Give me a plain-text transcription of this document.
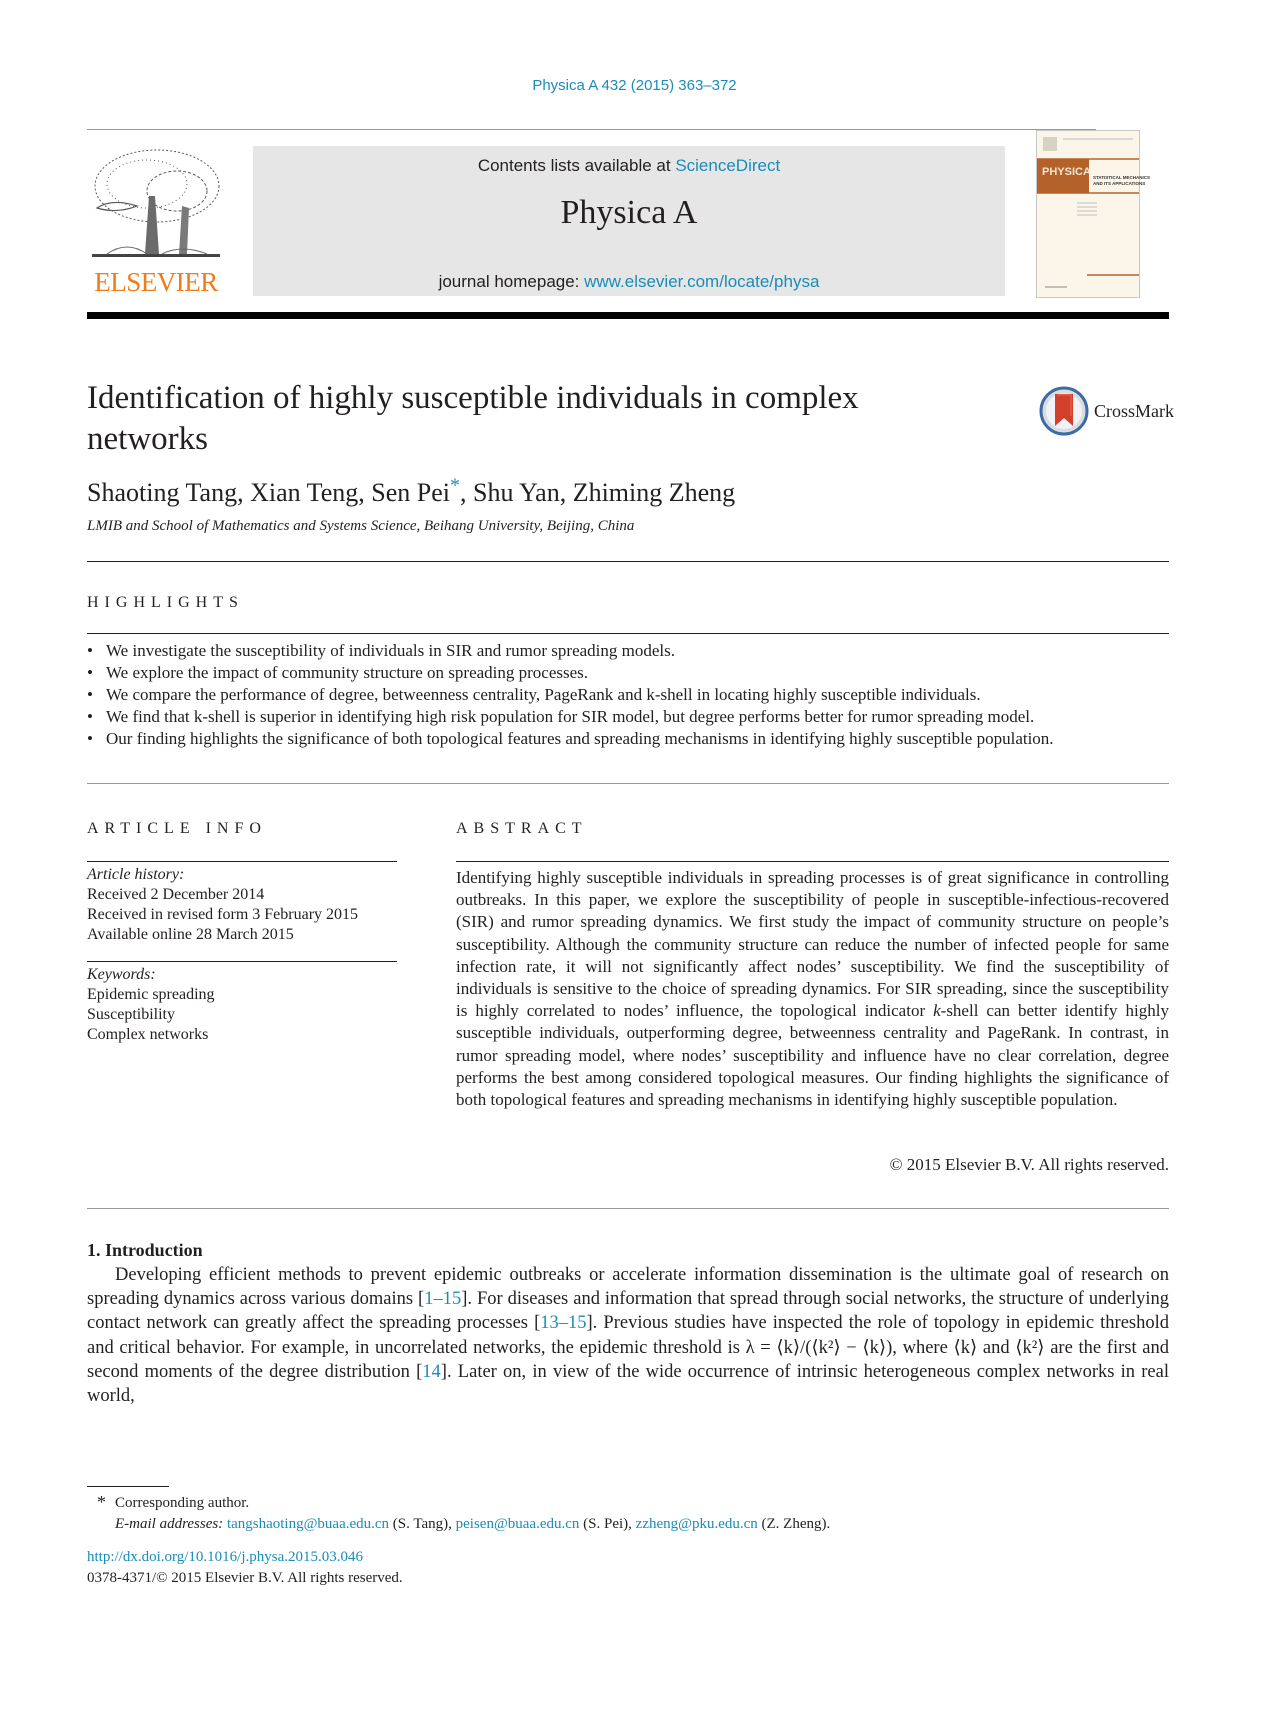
Physica A 432 (2015) 363–372
ELSEVIER
Contents lists available at ScienceDirect
Physica A
journal homepage: www.elsevier.com/locate/physa
PHYSICA STATISTICAL MECHANICS
AND ITS APPLICATIONS
Identification of highly susceptible individuals in complex networks
CrossMark
Shaoting Tang, Xian Teng, Sen Pei*, Shu Yan, Zhiming Zheng
LMIB and School of Mathematics and Systems Science, Beihang University, Beijing, China
HIGHLIGHTS
• We investigate the susceptibility of individuals in SIR and rumor spreading models.
• We explore the impact of community structure on spreading processes.
• We compare the performance of degree, betweenness centrality, PageRank and k-shell in locating highly susceptible individuals.
• We find that k-shell is superior in identifying high risk population for SIR model, but degree performs better for rumor spreading model.
• Our finding highlights the significance of both topological features and spreading mechanisms in identifying highly susceptible population.
ARTICLE INFO
Article history:
Received 2 December 2014
Received in revised form 3 February 2015
Available online 28 March 2015
Keywords:
Epidemic spreading
Susceptibility
Complex networks
ABSTRACT
Identifying highly susceptible individuals in spreading processes is of great significance in controlling outbreaks. In this paper, we explore the susceptibility of people in susceptible-infectious-recovered (SIR) and rumor spreading dynamics. We first study the impact of community structure on people’s susceptibility. Although the community structure can reduce the number of infected people for same infection rate, it will not significantly affect nodes’ susceptibility. We find the susceptibility of individuals is sensitive to the choice of spreading dynamics. For SIR spreading, since the susceptibility is highly correlated to nodes’ influence, the topological indicator k-shell can better identify highly susceptible individuals, outperforming degree, betweenness centrality and PageRank. In contrast, in rumor spreading model, where nodes’ susceptibility and influence have no clear correlation, degree performs the best among considered topological measures. Our finding highlights the significance of both topological features and spreading mechanisms in identifying highly susceptible population.
© 2015 Elsevier B.V. All rights reserved.
1. Introduction
Developing efficient methods to prevent epidemic outbreaks or accelerate information dissemination is the ultimate goal of research on spreading dynamics across various domains [1–15]. For diseases and information that spread through social networks, the structure of underlying contact network can greatly affect the spreading processes [13–15]. Previous studies have inspected the role of topology in epidemic threshold and critical behavior. For example, in uncorrelated networks, the epidemic threshold is λ = ⟨k⟩/(⟨k²⟩ − ⟨k⟩), where ⟨k⟩ and ⟨k²⟩ are the first and second moments of the degree distribution [14]. Later on, in view of the wide occurrence of intrinsic heterogeneous complex networks in real world,
* Corresponding author.
E-mail addresses: tangshaoting@buaa.edu.cn (S. Tang), peisen@buaa.edu.cn (S. Pei), zzheng@pku.edu.cn (Z. Zheng).
http://dx.doi.org/10.1016/j.physa.2015.03.046
0378-4371/© 2015 Elsevier B.V. All rights reserved.
